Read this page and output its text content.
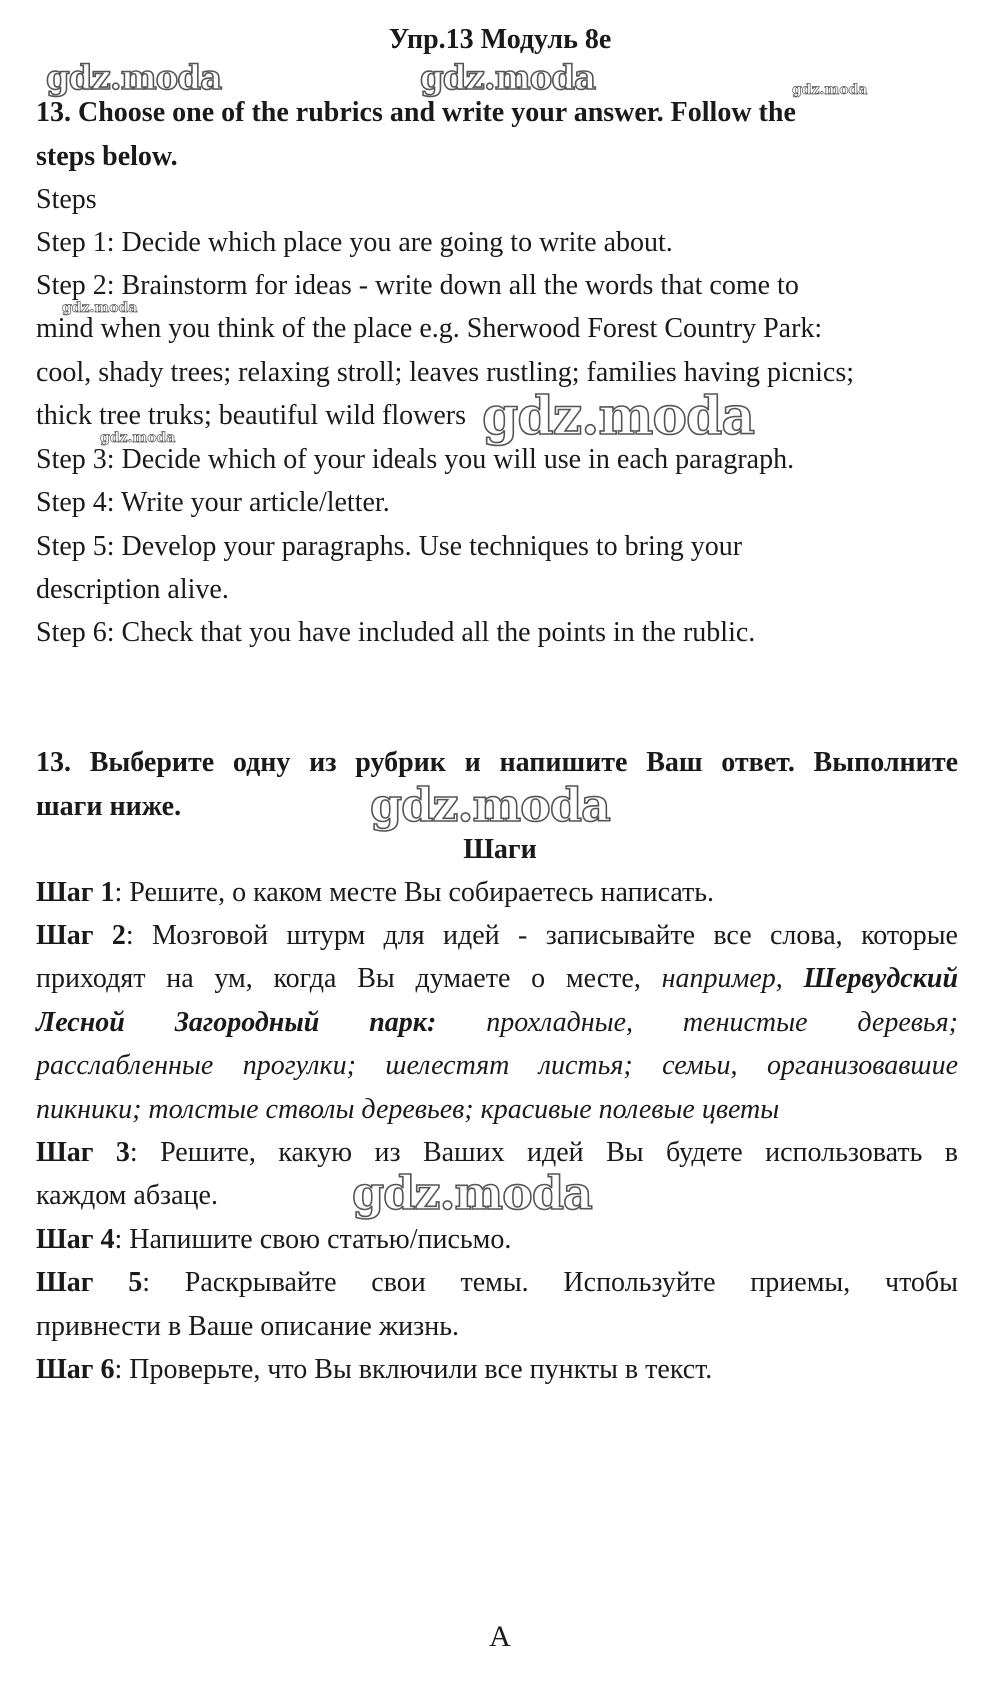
Упр.13 Модуль 8е
gdz.moda	gdz.moda	gdz.moda
13. Choose one of the rubrics and write your answer. Follow the
steps below.
Steps
Step 1: Decide which place you are going to write about.
Step 2: Brainstorm for ideas - write down all the words that come to
gdz.moda
mind when you think of the place e.g. Sherwood Forest Country Park:
cool, shady trees; relaxing stroll; leaves rustling; families having picnics;
thick tree truks; beautiful wild flowers gdz.moda
gdz.moda
Step 3: Decide which of your ideals you will use in each paragraph.
Step 4: Write your article/letter.
Step 5: Develop your paragraphs. Use techniques to bring your
description alive.
Step 6: Check that you have included all the points in the rublic.
13. Выберите одну из рубрик и напишите Ваш ответ. Выполните
шаги ниже.	gdz.moda
Шаги
Шаг 1: Решите, о каком месте Вы собираетесь написать.
Шаг 2: Мозговой штурм для идей - записывайте все слова, которые
приходят на ум, когда Вы думаете о месте, например, Шервудский
Лесной Загородный парк: прохладные, тенистые деревья;
расслабленные прогулки; шелестят листья; семьи, организовавшие
пикники; толстые стволы деревьев; красивые полевые цветы
Шаг 3: Решите, какую из Ваших идей Вы будете использовать в
каждом абзаце.	gdz.moda
Шаг 4: Напишите свою статью/письмо.
Шаг 5: Раскрывайте свои темы. Используйте приемы, чтобы
привнести в Ваше описание жизнь.
Шаг 6: Проверьте, что Вы включили все пункты в текст.
A
